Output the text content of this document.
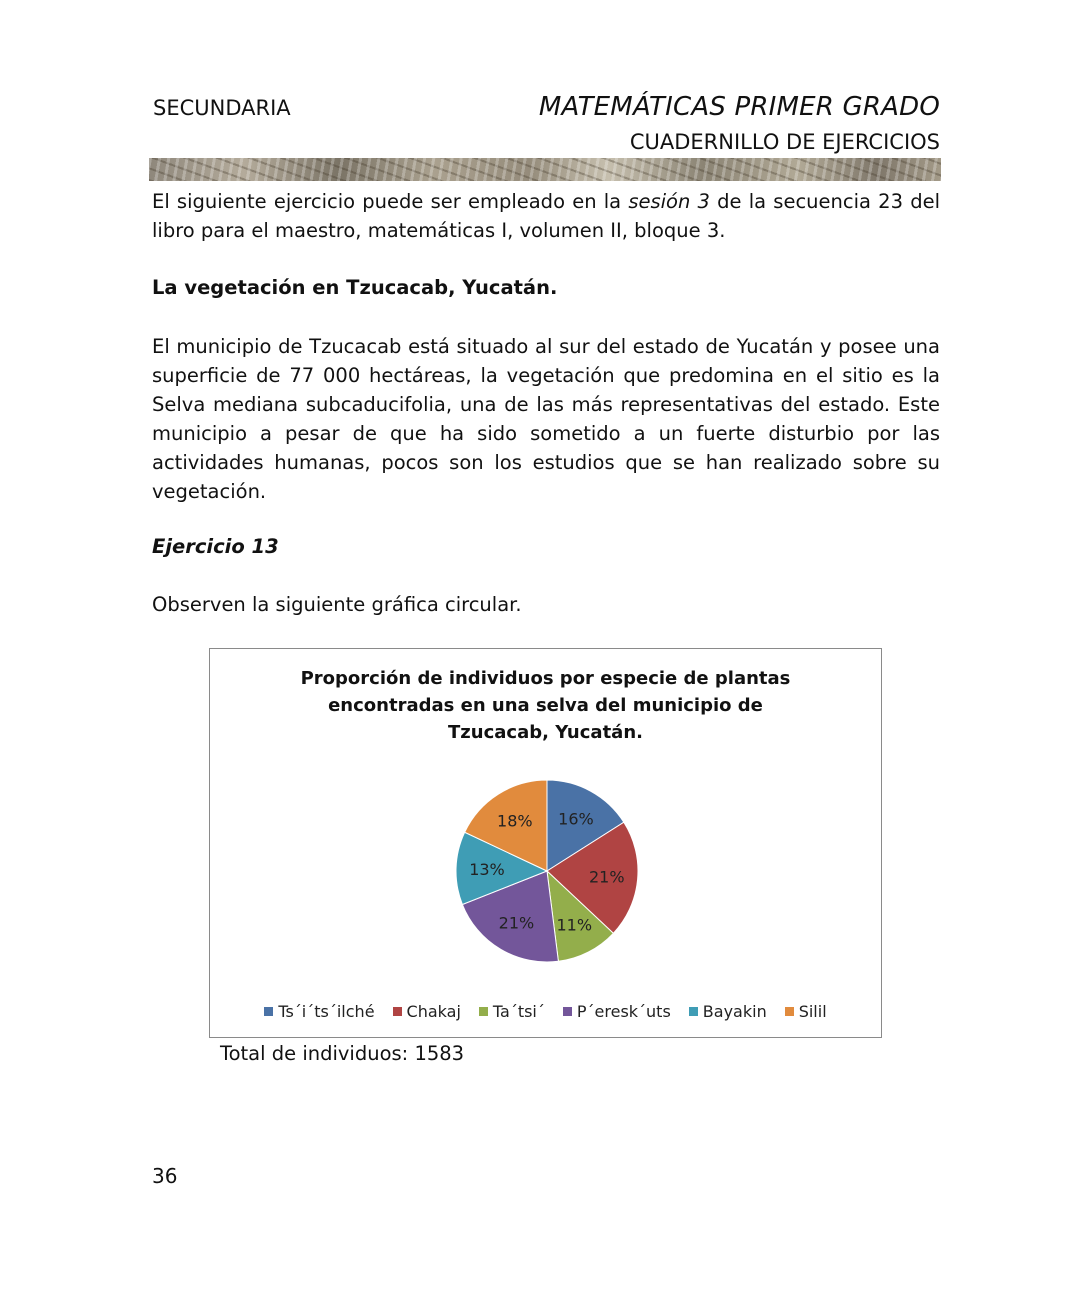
SECUNDARIA	MATEMÁTICAS PRIMER GRADO
CUADERNILLO DE EJERCICIOS
El siguiente ejercicio puede ser empleado en la sesión 3 de la secuencia 23 del libro para el maestro, matemáticas I, volumen II, bloque 3.
La vegetación en Tzucacab, Yucatán.
El municipio de Tzucacab está situado al sur del estado de Yucatán y posee una superficie de 77 000 hectáreas, la vegetación que predomina en el sitio es la Selva mediana subcaducifolia, una de las más representativas del estado. Este municipio a pesar de que ha sido sometido a un fuerte disturbio por las actividades humanas, pocos son los estudios que se han realizado sobre su vegetación.
Ejercicio 13
Observen la siguiente gráfica circular.
Proporción de individuos por especie de plantas
encontradas en una selva del municipio de
Tzucacab, Yucatán.
16%
21%
11%
21%
13%
18%
Ts´i´ts´ilché Chakaj Ta´tsi´ P´eresk´uts Bayakin Silil
Total de individuos: 1583
36
